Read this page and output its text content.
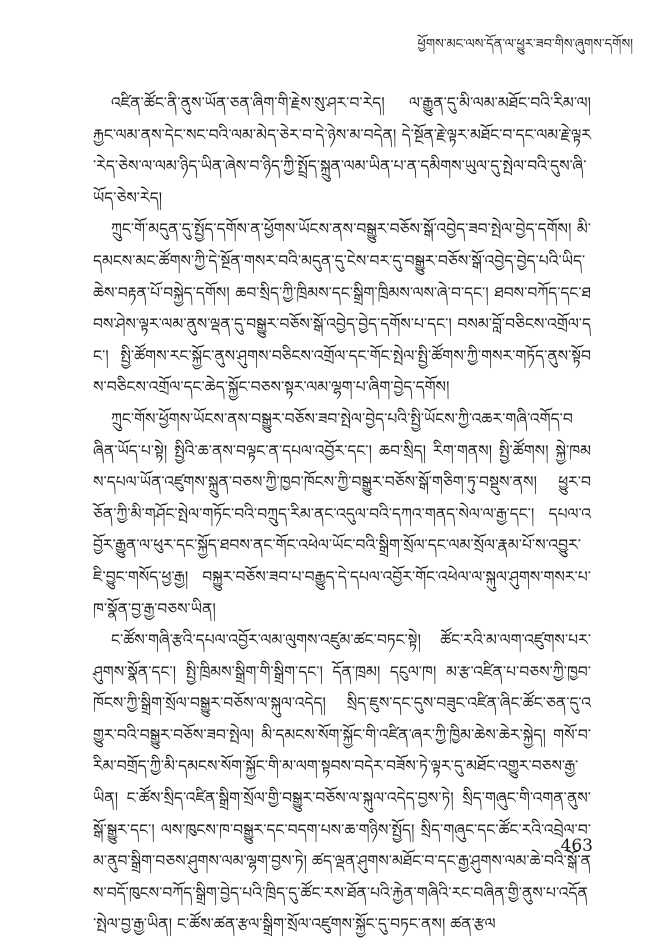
ཕྱོགས་མང་ལས་དོན་ལ་ཕྱུར་ཟབ་གིས་ཞུགས་དགོས།

འཛིན་ཚོང་ནི་ནུས་ཡོན་ཅན་ཞིག་གི་རྗེས་སུ་ཤར་བ་རེད། ལ་རྒྱུན་དུ་མི་ལམ་མཐོང་བའི་རིམ་ལ། རྐྱང་ལམ་ནས་དེང་སང་བའི་ལམ་མེད་ཅེར་བ་དེ་ཉེས་མ་བདེན། དེ་སྔོན་རྗེ་ལྟར་མཐོང་བ་དང་ལམ་རྗེ་ལྟར་རེད་ཅེས་ལ་ལམ་ཉིད་ཡིན་ཞེས་བ་ཉིད་ཀྱི་སྤྲོད་སྐྲུན་ལམ་ཡིན་པ་ན་དམིགས་ཡུལ་དུ་སྤེལ་བའི་དུས་ཞི་ཡོད་ཅེས་རེད།

ཀྲུང་གོ་མདུན་དུ་སྤྱོད་དགོས་ན་ཕྱོགས་ཡོངས་ནས་བསྒྱུར་བཅོས་སྒོ་འབྱེད་ཟབ་སྤེལ་བྱེད་དགོས། མི་དམངས་མང་ཚོགས་ཀྱི་དེ་སྔོན་གསར་བའི་མདུན་དུ་ངེས་བར་དུ་བསྒྱུར་བཅོས་སྒོ་འབྱེད་བྱེད་པའི་ཡིད་ཆེས་བརྟན་པོ་བསྐྱེད་དགོས། ཆབ་སྲིད་ཀྱི་ཁྲིམས་དང་སྒྲིག་ཁྲིམས་ལས་ཞེ་བ་དང་། ཐབས་བཀོད་དང་ཐབས་ཤེས་ལྟར་ལམ་ནུས་ལྡན་དུ་བསྒྱུར་བཅོས་སྒོ་འབྱེད་བྱེད་དགོས་པ་དང་། བསམ་བློ་བཅིངས་འགྲོལ་དང་། སྤྱི་ཚོགས་རང་སྐྱོང་ནུས་ཤུགས་བཅིངས་འགྲོལ་དང་གོང་སྤེལ་སྤྱི་ཚོགས་ཀྱི་གསར་གཏོད་ནུས་སྟོབས་བཅིངས་འགྲོལ་དང་ཆེད་སྐྱོང་བཅས་སྟར་ལམ་ལྷག་པ་ཞིག་བྱེད་དགོས།

ཀྲུང་གོས་ཕྱོགས་ཡོངས་ནས་བསྒྱུར་བཅོས་ཟབ་སྤེལ་བྱེད་པའི་སྤྱི་ཡོངས་ཀྱི་འཆར་གཞི་འགོད་བཞིན་ཡོད་པ་སྟེ། སྤྱིའི་ཆ་ནས་བལྟང་ན་དཔལ་འབྱོར་དང་། ཆབ་སྲིད། རིག་གནས། སྤྱི་ཚོགས། སྐྱེ་ཁམས་དཔལ་ཡོན་འཛུགས་སྐྲུན་བཅས་ཀྱི་ཁྱབ་ཁོངས་ཀྱི་བསྒྱུར་བཅོས་སྒོ་གཅིག་ཏུ་བསྡུས་ནས། ཕྱུར་བཅོན་ཀྱི་མི་གཤོང་སྤེལ་གཏོང་བའི་བཀྲུད་རིམ་ནང་འདུལ་བའི་དཀའ་གནད་སེལ་ལ་རྒྱ་དང་། དཔལ་འབྱོར་རྒྱུན་ལ་ཕུར་དང་སྐྱོད་ཐབས་ནང་གོང་འཕེལ་ཡོང་བའི་སྒྲིག་སྲོལ་དང་ལམ་སྲོལ་རྣམ་པོ་ས་འབྱུར་ཇི་བྱུང་གསོད་ཕྱ་རྒྱ། བསྐྱུར་བཅོས་ཟབ་པ་བརྒྱུད་དེ་དཔལ་འབྱོར་གོང་འཕེལ་ལ་སྐུལ་ཤུགས་གསར་པ་ཁ་སྣོན་བྱ་རྒྱ་བཅས་ཡིན།

ང་ཚོས་གཞི་རྩའི་དཔལ་འབྱོར་ལམ་ལུགས་འཛུམ་ཚང་བཏང་སྟེ། ཚོང་རའི་མ་ལག་འཛུགས་པར་ཤུགས་སྣོན་དང་། སྤྱི་ཁྲིམས་སྒྲིག་གི་སྒྲིག་དང་། དོན་ཁྲམ། དངུལ་ཁ། མ་རྩ་འཛིན་པ་བཅས་ཀྱི་ཁྱབ་ཁོངས་ཀྱི་སྒྲིག་སྲོལ་བསྒྱུར་བཅོས་ལ་སྐུལ་འདེད། སྲིད་ཇུས་དང་དུས་བཟུང་འཛིན་ཞིང་ཚོང་ཅན་དུ་འགྱུར་བའི་བསྒྱུར་བཅོས་ཟབ་སྤེལ། མི་དམངས་སོག་སྐྱོང་གི་འཛིན་ཞར་ཀྱི་ཁྱིམ་ཆེས་ཆེར་སྐྱེད། གསོ་བ་རིམ་བགྲོད་ཀྱི་མི་དམངས་སོག་སྐྱོང་གི་མ་ལག་སྟབས་བདེར་བཟོས་ཏེ་ལྟར་དུ་མཐོང་འགྱུར་བཅས་རྒྱ་ཡིན། ང་ཚོས་སྲིད་འཛིན་སྒྲིག་སྲོལ་གྱི་བསྒྱུར་བཅོས་ལ་སྐུལ་འདེད་བྱས་ཏེ། སྲིད་གཞུང་གི་འགན་ནུས་སྒོ་སྒྱུར་དང་། ལས་ཁུངས་ཁ་བསྒྱུར་དང་བདག་པས་ཆ་གཉིས་སྤྱོད། སྲིད་གཞུང་དང་ཚོང་རའི་འབྲེལ་བ་མ་ནུབ་སྒྲིག་བཅས་ཤུགས་ལམ་ལྷག་བྱས་ཏེ། ཚད་ལྡན་ཤུགས་མཐོང་བ་དང་རྒྱ་ཤུགས་ལམ་ཆེ་བའི་སྒོ་ནས་བདོ་ཁུངས་བཀོད་སྒྲིག་བྱེད་པའི་ཁྲིད་དུ་ཚོང་རས་ཐོན་པའི་རྐྱེན་གཞིའི་རང་བཞིན་གྱི་ནུས་པ་འདོན་སྤེལ་བྱ་རྒྱ་ཡིན། ང་ཚོས་ཚན་རྩལ་སྒྲིག་སྲོལ་འཛུགས་སྐྱོང་དུ་བཏང་ནས། ཚན་རྩལ

463
